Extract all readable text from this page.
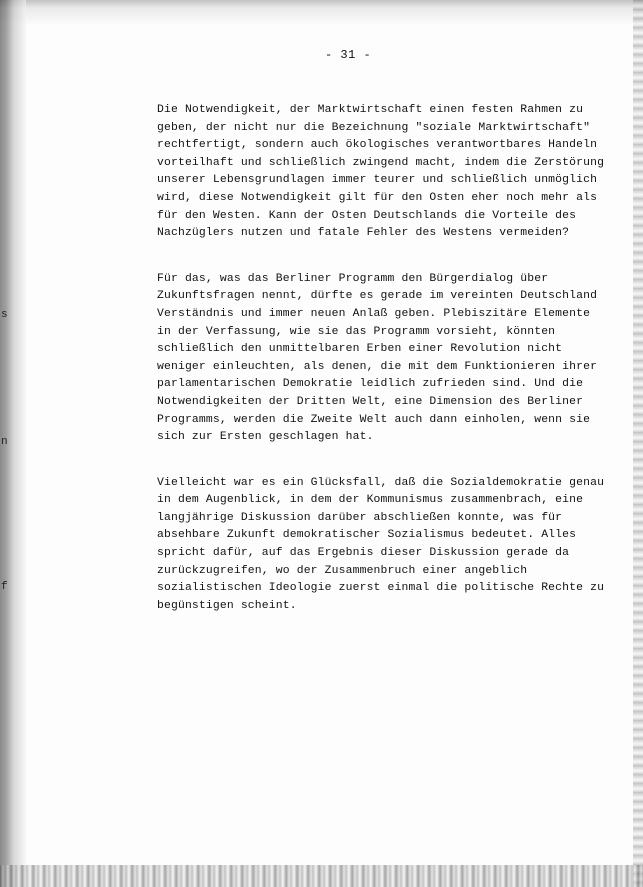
s
n
f
- 31 -

Die Notwendigkeit, der Marktwirtschaft einen festen Rahmen zu
geben, der nicht nur die Bezeichnung "soziale Marktwirtschaft"
rechtfertigt, sondern auch ökologisches verantwortbares Handeln
vorteilhaft und schließlich zwingend macht, indem die Zerstörung
unserer Lebensgrundlagen immer teurer und schließlich unmöglich
wird, diese Notwendigkeit gilt für den Osten eher noch mehr als
für den Westen. Kann der Osten Deutschlands die Vorteile des
Nachzüglers nutzen und fatale Fehler des Westens vermeiden?

Für das, was das Berliner Programm den Bürgerdialog über
Zukunftsfragen nennt, dürfte es gerade im vereinten Deutschland
Verständnis und immer neuen Anlaß geben. Plebiszitäre Elemente
in der Verfassung, wie sie das Programm vorsieht, könnten
schließlich den unmittelbaren Erben einer Revolution nicht
weniger einleuchten, als denen, die mit dem Funktionieren ihrer
parlamentarischen Demokratie leidlich zufrieden sind. Und die
Notwendigkeiten der Dritten Welt, eine Dimension des Berliner
Programms, werden die Zweite Welt auch dann einholen, wenn sie
sich zur Ersten geschlagen hat.

Vielleicht war es ein Glücksfall, daß die Sozialdemokratie genau
in dem Augenblick, in dem der Kommunismus zusammenbrach, eine
langjährige Diskussion darüber abschließen konnte, was für
absehbare Zukunft demokratischer Sozialismus bedeutet. Alles
spricht dafür, auf das Ergebnis dieser Diskussion gerade da
zurückzugreifen, wo der Zusammenbruch einer angeblich
sozialistischen Ideologie zuerst einmal die politische Rechte zu
begünstigen scheint.
